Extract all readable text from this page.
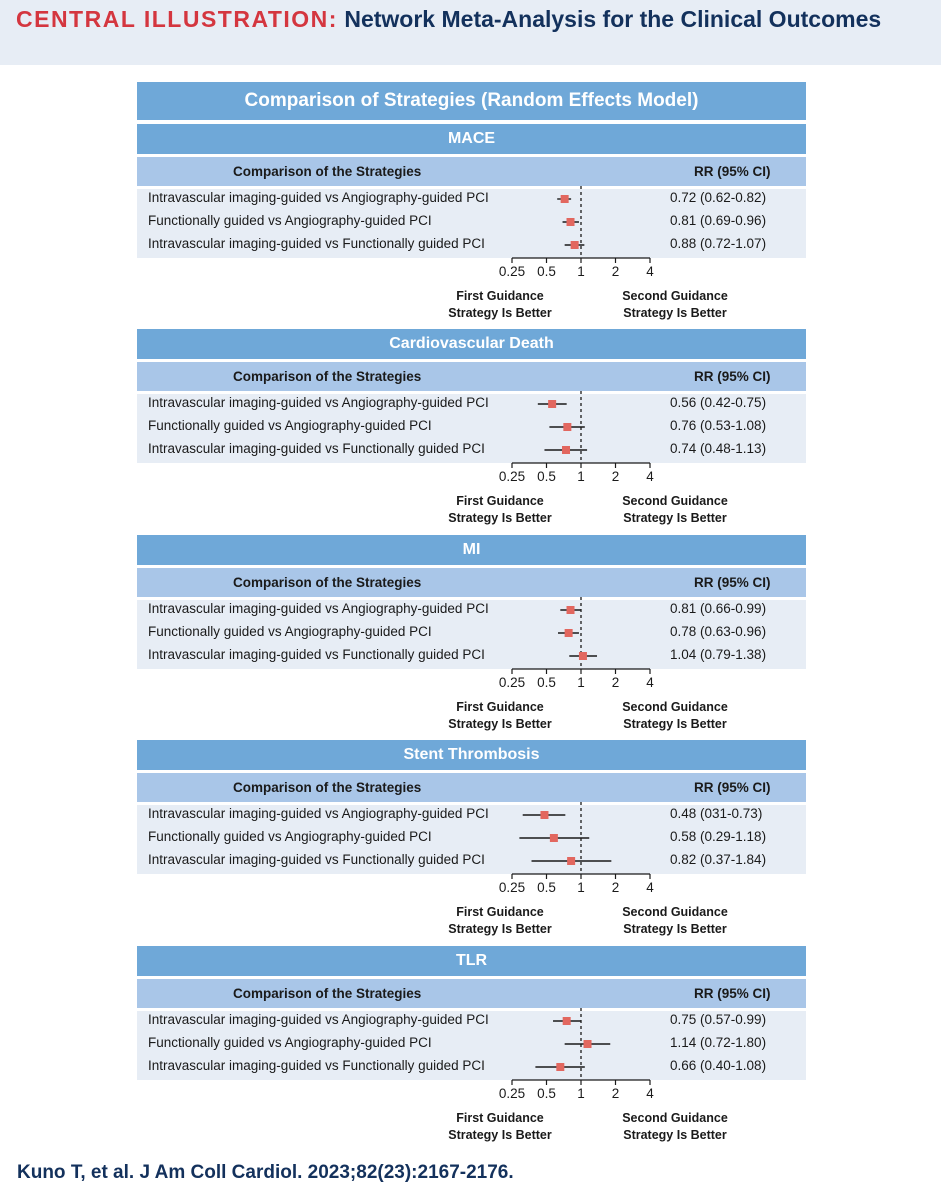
CENTRAL ILLUSTRATION: Network Meta-Analysis for the Clinical Outcomes
Comparison of Strategies (Random Effects Model)
MACE
Comparison of the Strategies	RR (95% CI)
Intravascular imaging-guided vs Angiography-guided PCI	0.72 (0.62-0.82)
Functionally guided vs Angiography-guided PCI	0.81 (0.69-0.96)
Intravascular imaging-guided vs Functionally guided PCI	0.88 (0.72-1.07)
0.25 0.5 1 2 4
First Guidance Strategy Is Better
Second Guidance Strategy Is Better
Cardiovascular Death
Comparison of the Strategies	RR (95% CI)
Intravascular imaging-guided vs Angiography-guided PCI	0.56 (0.42-0.75)
Functionally guided vs Angiography-guided PCI	0.76 (0.53-1.08)
Intravascular imaging-guided vs Functionally guided PCI	0.74 (0.48-1.13)
0.25 0.5 1 2 4
First Guidance Strategy Is Better
Second Guidance Strategy Is Better
MI
Comparison of the Strategies	RR (95% CI)
Intravascular imaging-guided vs Angiography-guided PCI	0.81 (0.66-0.99)
Functionally guided vs Angiography-guided PCI	0.78 (0.63-0.96)
Intravascular imaging-guided vs Functionally guided PCI	1.04 (0.79-1.38)
0.25 0.5 1 2 4
First Guidance Strategy Is Better
Second Guidance Strategy Is Better
Stent Thrombosis
Comparison of the Strategies	RR (95% CI)
Intravascular imaging-guided vs Angiography-guided PCI	0.48 (031-0.73)
Functionally guided vs Angiography-guided PCI	0.58 (0.29-1.18)
Intravascular imaging-guided vs Functionally guided PCI	0.82 (0.37-1.84)
0.25 0.5 1 2 4
First Guidance Strategy Is Better
Second Guidance Strategy Is Better
TLR
Comparison of the Strategies	RR (95% CI)
Intravascular imaging-guided vs Angiography-guided PCI	0.75 (0.57-0.99)
Functionally guided vs Angiography-guided PCI	1.14 (0.72-1.80)
Intravascular imaging-guided vs Functionally guided PCI	0.66 (0.40-1.08)
0.25 0.5 1 2 4
First Guidance Strategy Is Better
Second Guidance Strategy Is Better
Kuno T, et al. J Am Coll Cardiol. 2023;82(23):2167-2176.
